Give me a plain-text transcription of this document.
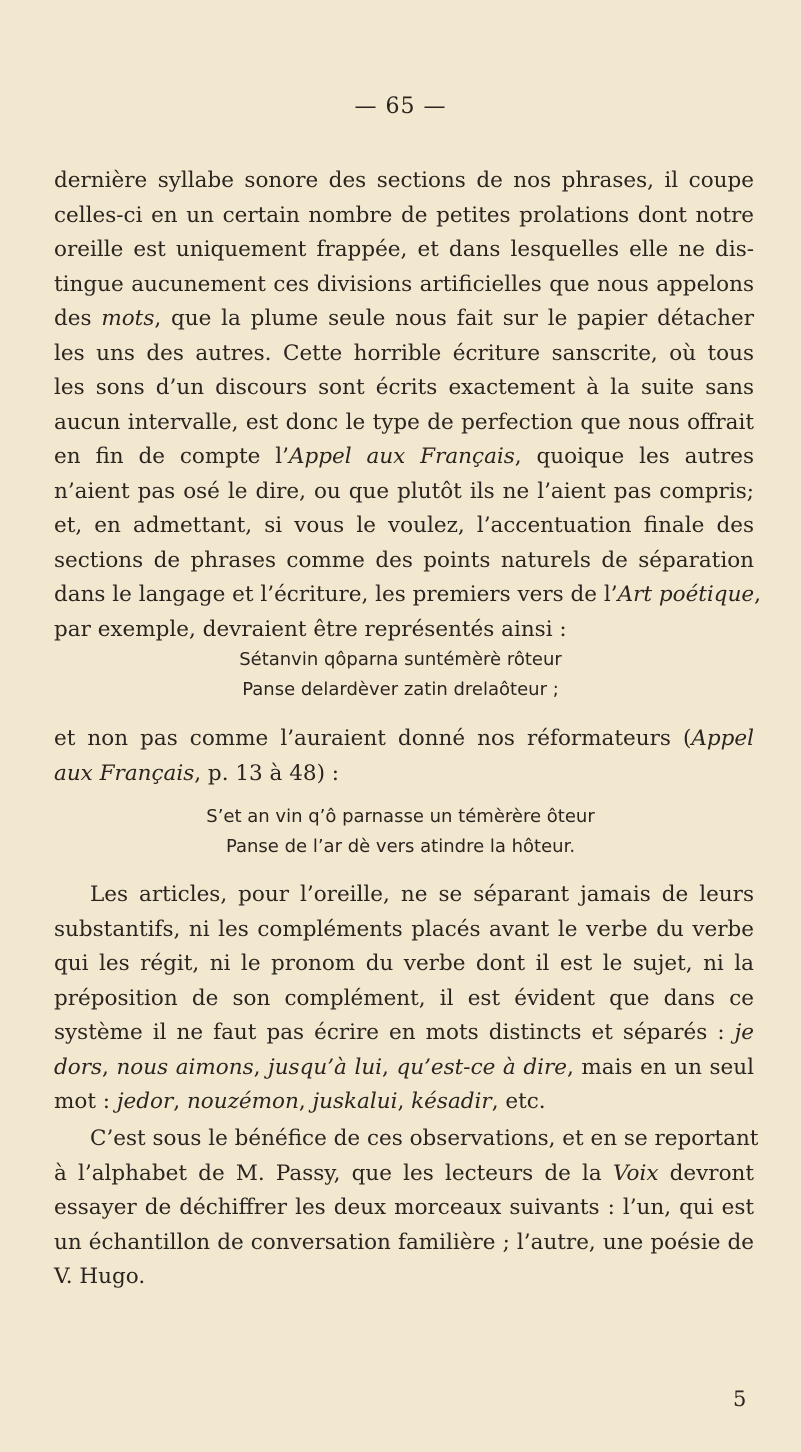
— 65 —

dernière syllabe sonore des sections de nos phrases, il coupe
celles-ci en un certain nombre de petites prolations dont notre
oreille est uniquement frappée, et dans lesquelles elle ne dis-
tingue aucunement ces divisions artificielles que nous appelons
des mots, que la plume seule nous fait sur le papier détacher
les uns des autres. Cette horrible écriture sanscrite, où tous
les sons d’un discours sont écrits exactement à la suite sans
aucun intervalle, est donc le type de perfection que nous offrait
en fin de compte l’Appel aux Français, quoique les autres
n’aient pas osé le dire, ou que plutôt ils ne l’aient pas compris;
et, en admettant, si vous le voulez, l’accentuation finale des
sections de phrases comme des points naturels de séparation
dans le langage et l’écriture, les premiers vers de l’Art poétique,
par exemple, devraient être représentés ainsi :

Sétanvin qôparna suntémèrè rôteur
Panse delardèver zatin drelaôteur ;

et non pas comme l’auraient donné nos réformateurs (Appel
aux Français, p. 13 à 48) :

S’et an vin q’ô parnasse un témèrère ôteur
Panse de l’ar dè vers atindre la hôteur.

Les articles, pour l’oreille, ne se séparant jamais de leurs
substantifs, ni les compléments placés avant le verbe du verbe
qui les régit, ni le pronom du verbe dont il est le sujet, ni la
préposition de son complément, il est évident que dans ce
système il ne faut pas écrire en mots distincts et séparés : je
dors, nous aimons, jusqu’à lui, qu’est-ce à dire, mais en un seul
mot : jedor, nouzémon, juskalui, késadir, etc.

C’est sous le bénéfice de ces observations, et en se reportant
à l’alphabet de M. Passy, que les lecteurs de la Voix devront
essayer de déchiffrer les deux morceaux suivants : l’un, qui est
un échantillon de conversation familière ; l’autre, une poésie de
V. Hugo.

5
